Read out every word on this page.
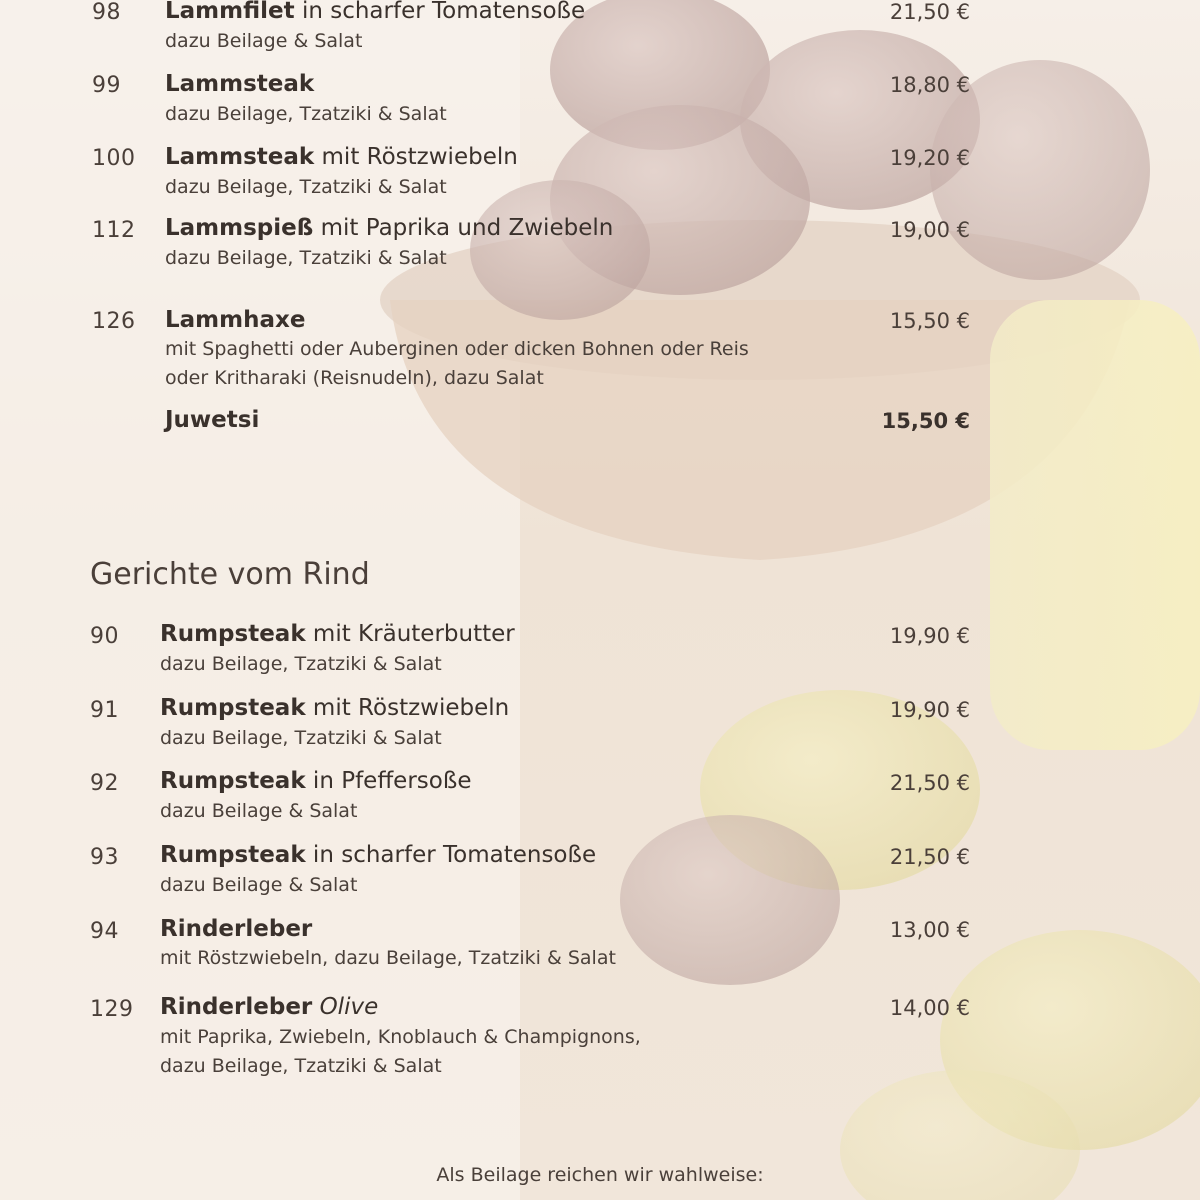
98 Lammfilet in scharfer Tomatensoße
dazu Beilage & Salat
21,50 €
99 Lammsteak
dazu Beilage, Tzatziki & Salat
18,80 €
100 Lammsteak mit Röstzwiebeln
dazu Beilage, Tzatziki & Salat
19,20 €
112 Lammspieß mit Paprika und Zwiebeln
dazu Beilage, Tzatziki & Salat
19,00 €
126 Lammhaxe
mit Spaghetti oder Auberginen oder dicken Bohnen oder Reis
oder Kritharaki (Reisnudeln), dazu Salat
15,50 €
Juwetsi	15,50 €
Gerichte vom Rind
90 Rumpsteak mit Kräuterbutter
dazu Beilage, Tzatziki & Salat
19,90 €
91 Rumpsteak mit Röstzwiebeln
dazu Beilage, Tzatziki & Salat
19,90 €
92 Rumpsteak in Pfeffersoße
dazu Beilage & Salat
21,50 €
93 Rumpsteak in scharfer Tomatensoße
dazu Beilage & Salat
21,50 €
94 Rinderleber
mit Röstzwiebeln, dazu Beilage, Tzatziki & Salat
13,00 €
129 Rinderleber Olive
mit Paprika, Zwiebeln, Knoblauch & Champignons,
dazu Beilage, Tzatziki & Salat
14,00 €
Als Beilage reichen wir wahlweise:
